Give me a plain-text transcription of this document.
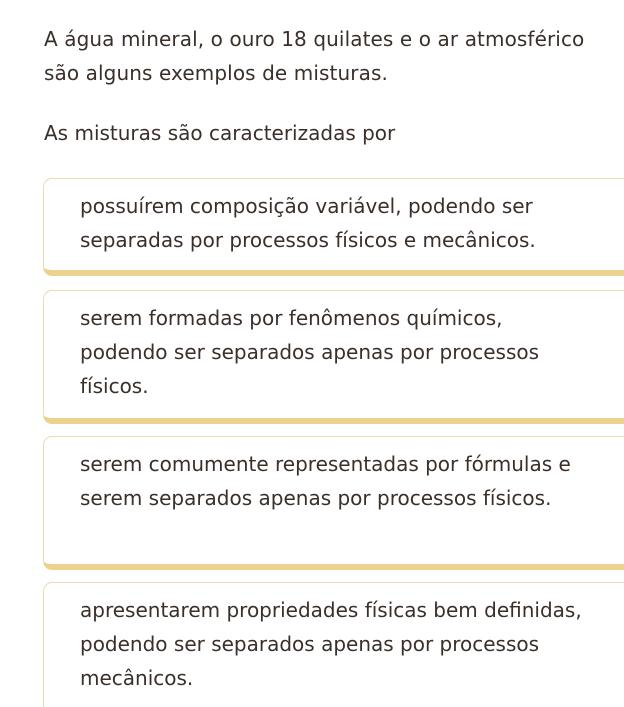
A água mineral, o ouro 18 quilates e o ar atmosférico são alguns exemplos de misturas.

As misturas são caracterizadas por
possuírem composição variável, podendo ser separadas por processos físicos e mecânicos.
serem formadas por fenômenos químicos, podendo ser separados apenas por processos físicos.
serem comumente representadas por fórmulas e serem separados apenas por processos físicos.
apresentarem propriedades físicas bem definidas, podendo ser separados apenas por processos mecânicos.
